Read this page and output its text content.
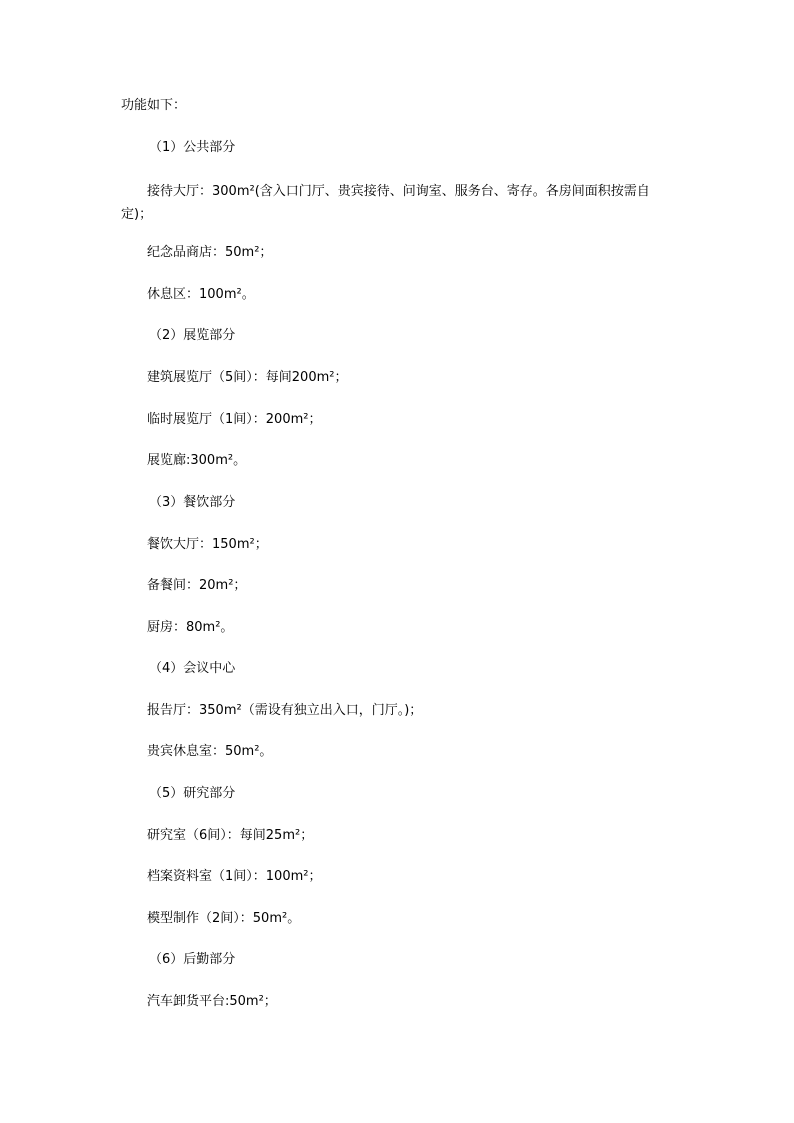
功能如下：
（1）公共部分
接待大厅：300m²(含入口门厅、贵宾接待、问询室、服务台、寄存。各房间面积按需自定)；
纪念品商店：50m²；
休息区：100m²。
（2）展览部分
建筑展览厅（5间）：每间200m²；
临时展览厅（1间）：200m²；
展览廊:300m²。
（3）餐饮部分
餐饮大厅：150m²；
备餐间：20m²；
厨房：80m²。
（4）会议中心
报告厅：350m²（需设有独立出入口，门厅。)；
贵宾休息室：50m²。
（5）研究部分
研究室（6间）：每间25m²；
档案资料室（1间）：100m²；
模型制作（2间）：50m²。
（6）后勤部分
汽车卸货平台:50m²；
